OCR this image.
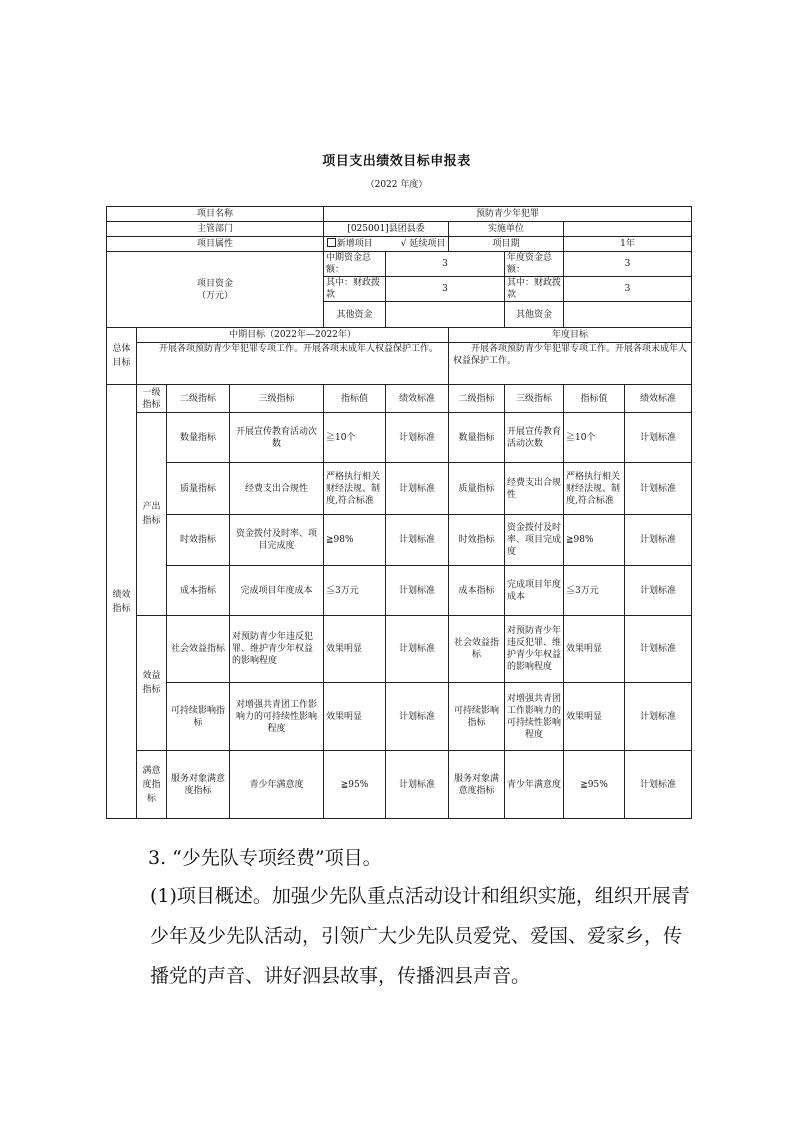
项目支出绩效目标申报表
（2022 年度）
项目名称				预防青少年犯罪					
主管部门				[025001]县团县委		实施单位			
项目属性				新增项目 √ 延续项目		项目期		1年	
项目资金
（万元）				中期资金总额：	3		年度资金总额：	3	
				其中：财政拨款	3		其中：财政拨款	3	
				其他资金			其他资金		
总体目标	中期目标（2022年—2022年）					年度目标			
	开展各项预防青少年犯罪专项工作。开展各项未成年人权益保护工作。					开展各项预防青少年犯罪专项工作。开展各项未成年人权益保护工作。			
绩效指标	一级指标	二级指标	三级指标	指标值	绩效标准	二级指标	三级指标	指标值	绩效标准
	产出指标	数量指标	开展宣传教育活动次数	≧10个	计划标准	数量指标	开展宣传教育活动次数	≧10个	计划标准
		质量指标	经费支出合规性	严格执行相关财经法规、制度,符合标准	计划标准	质量指标	经费支出合规性	严格执行相关财经法规、制度,符合标准	计划标准
		时效指标	资金拨付及时率、项目完成度	≧98%	计划标准	时效指标	资金拨付及时率、项目完成度	≧98%	计划标准
		成本指标	完成项目年度成本	≦3万元	计划标准	成本指标	完成项目年度成本	≦3万元	计划标准
	效益指标	社会效益指标	对预防青少年违反犯罪、维护青少年权益的影响程度	效果明显	计划标准	社会效益指标	对预防青少年违反犯罪、维护青少年权益的影响程度	效果明显	计划标准
		可持续影响指标	对增强共青团工作影响力的可持续性影响程度	效果明显	计划标准	可持续影响指标	对增强共青团工作影响力的可持续性影响程度	效果明显	计划标准
	满意度指标	服务对象满意度指标	青少年满意度	≧95%	计划标准	服务对象满意度指标	青少年满意度	≧95%	计划标准
3. “少先队专项经费”项目。
(1)项目概述。加强少先队重点活动设计和组织实施，组织开展青少年及少先队活动，引领广大少先队员爱党、爱国、爱家乡，传播党的声音、讲好泗县故事，传播泗县声音。
